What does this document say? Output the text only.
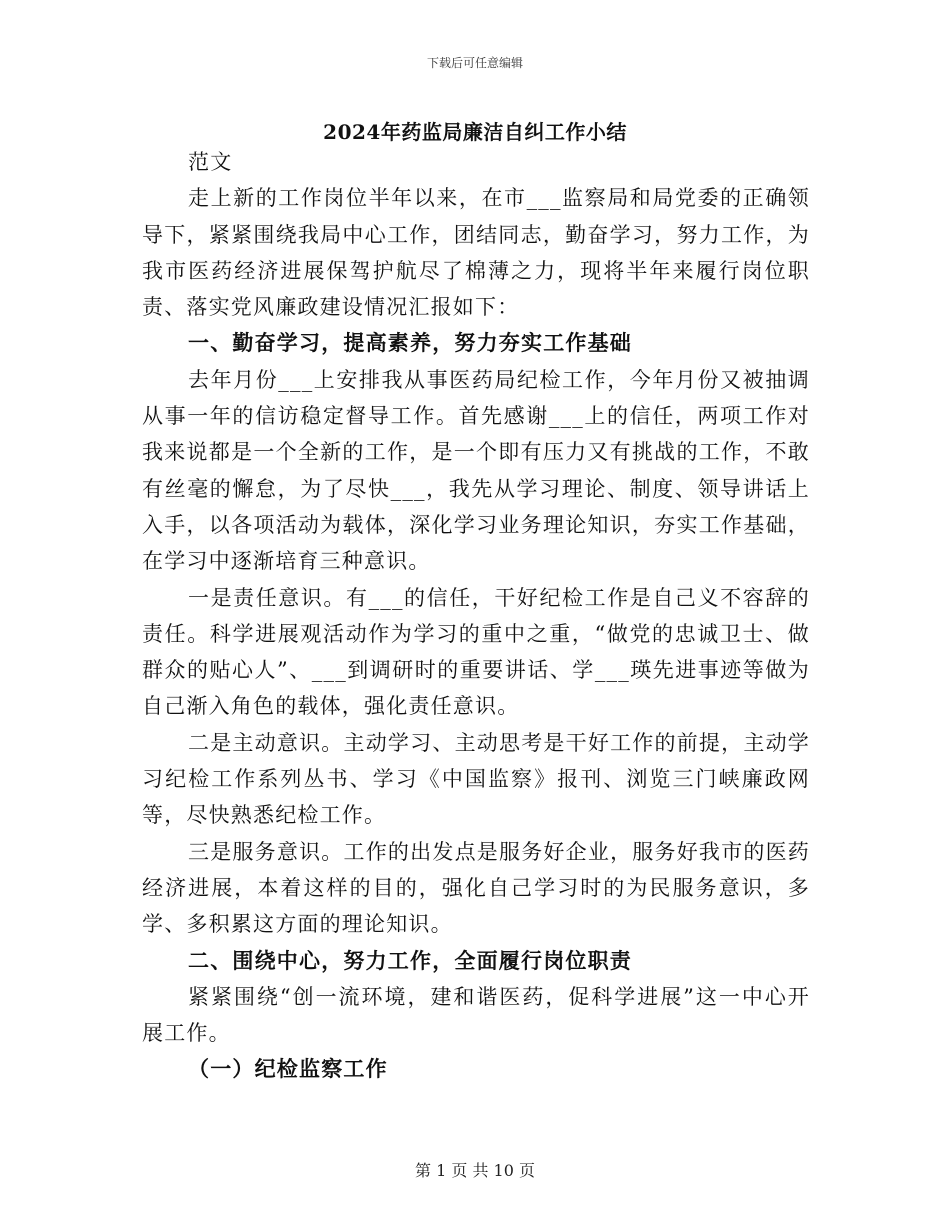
下载后可任意编辑
2024年药监局廉洁自纠工作小结

范文

走上新的工作岗位半年以来，在市___监察局和局党委的正确领导下，紧紧围绕我局中心工作，团结同志，勤奋学习，努力工作，为我市医药经济进展保驾护航尽了棉薄之力，现将半年来履行岗位职责、落实党风廉政建设情况汇报如下：

一、勤奋学习，提高素养，努力夯实工作基础

去年月份___上安排我从事医药局纪检工作，今年月份又被抽调从事一年的信访稳定督导工作。首先感谢___上的信任，两项工作对我来说都是一个全新的工作，是一个即有压力又有挑战的工作，不敢有丝毫的懈怠，为了尽快___，我先从学习理论、制度、领导讲话上入手，以各项活动为载体，深化学习业务理论知识，夯实工作基础，在学习中逐渐培育三种意识。

一是责任意识。有___的信任，干好纪检工作是自己义不容辞的责任。科学进展观活动作为学习的重中之重，“做党的忠诚卫士、做群众的贴心人”、___到调研时的重要讲话、学___瑛先进事迹等做为自己渐入角色的载体，强化责任意识。

二是主动意识。主动学习、主动思考是干好工作的前提，主动学习纪检工作系列丛书、学习《中国监察》报刊、浏览三门峡廉政网等，尽快熟悉纪检工作。

三是服务意识。工作的出发点是服务好企业，服务好我市的医药经济进展，本着这样的目的，强化自己学习时的为民服务意识，多学、多积累这方面的理论知识。

二、围绕中心，努力工作，全面履行岗位职责

紧紧围绕“创一流环境，建和谐医药，促科学进展”这一中心开展工作。

（一）纪检监察工作

第 1 页 共 10 页
